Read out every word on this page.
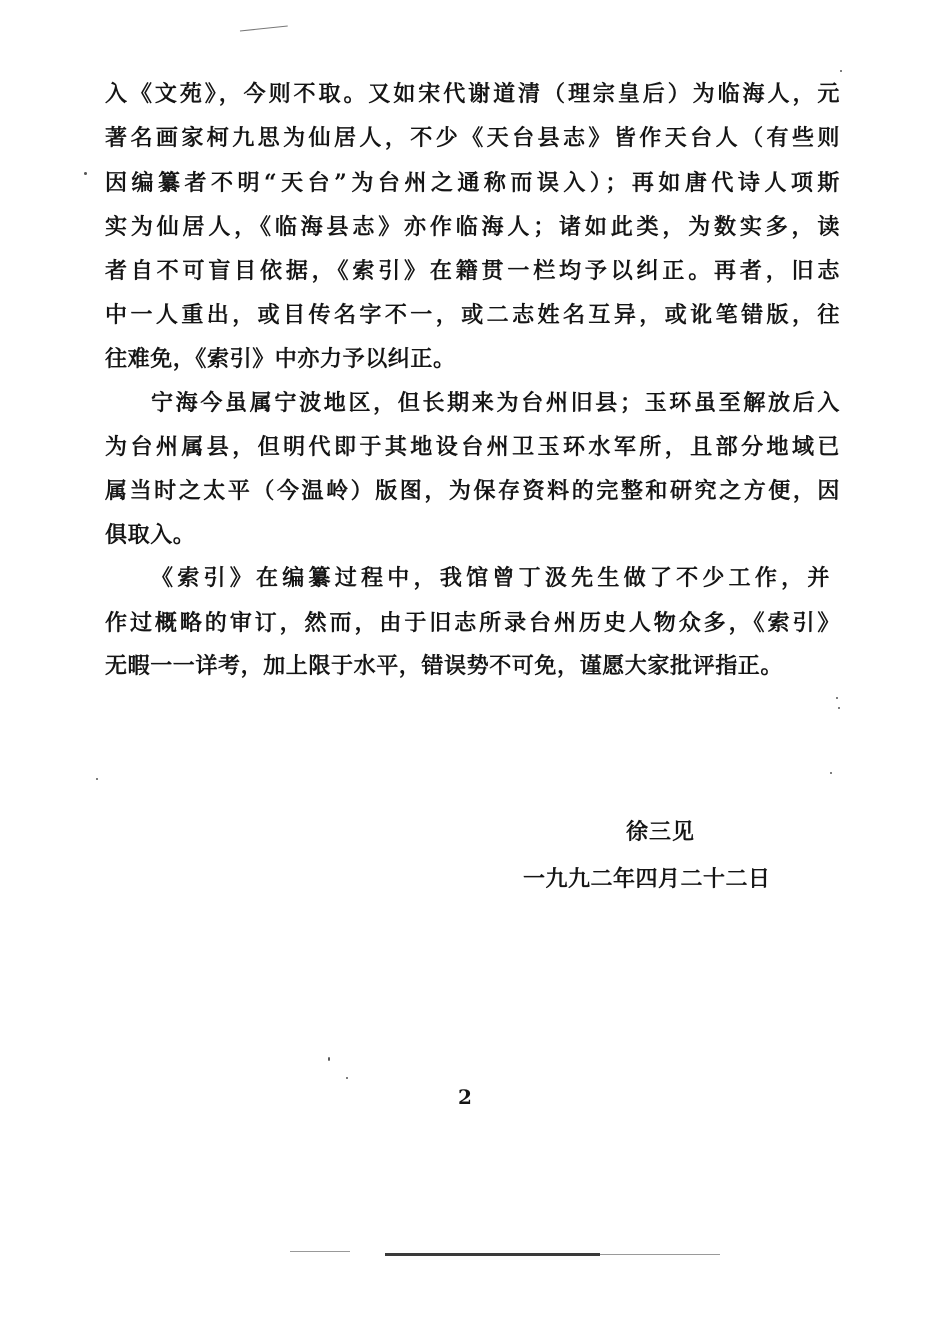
入《文苑》，今则不取。又如宋代谢道清（理宗皇后）为临海人，元
著名画家柯九思为仙居人，不少《天台县志》皆作天台人（有些则
因编纂者不明“天台”为台州之通称而误入）；再如唐代诗人项斯
实为仙居人，《临海县志》亦作临海人；诸如此类，为数实多，读
者自不可盲目依据，《索引》在籍贯一栏均予以纠正。再者，旧志
中一人重出，或目传名字不一，或二志姓名互异，或讹笔错版，往
往难免，《索引》中亦力予以纠正。
宁海今虽属宁波地区，但长期来为台州旧县；玉环虽至解放后入
为台州属县，但明代即于其地设台州卫玉环水军所，且部分地域已
属当时之太平（今温岭）版图，为保存资料的完整和研究之方便，因
俱取入。
《索引》在编纂过程中，我馆曾丁汲先生做了不少工作，并
作过概略的审订，然而，由于旧志所录台州历史人物众多，《索引》
无暇一一详考，加上限于水平，错误势不可免，谨愿大家批评指正。
徐三见
一九九二年四月二十二日
2
